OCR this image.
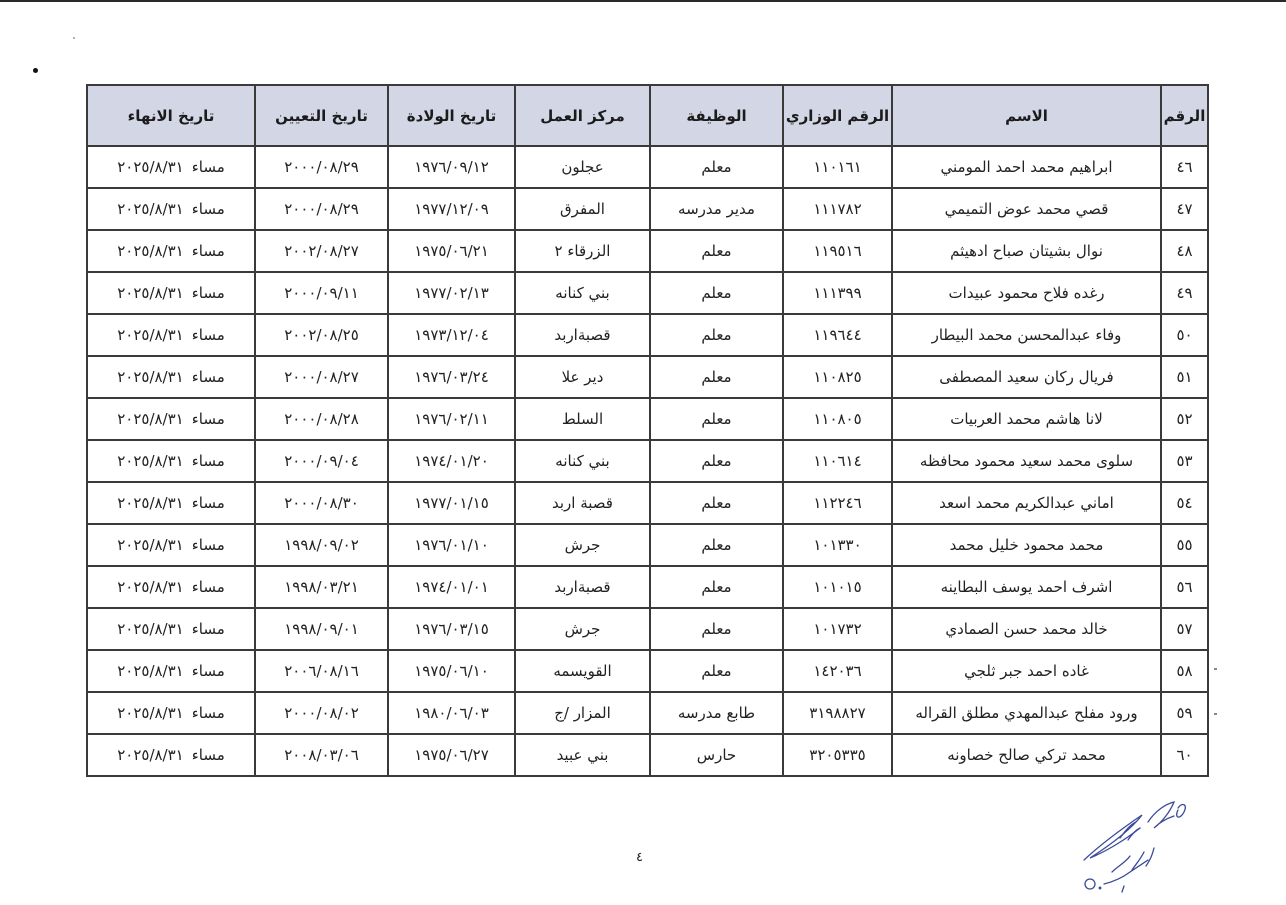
الرقم	الاسم	الرقم الوزاري	الوظيفة	مركز العمل	تاريخ الولادة	تاريخ التعيين	تاريخ الانهاء
٤٦	ابراهيم محمد احمد المومني	١١٠١٦١	معلم	عجلون	١٩٧٦/٠٩/١٢	٢٠٠٠/٠٨/٢٩	مساء٢٠٢٥/٨/٣١
٤٧	قصي محمد عوض التميمي	١١١٧٨٢	مدير مدرسه	المفرق	١٩٧٧/١٢/٠٩	٢٠٠٠/٠٨/٢٩	مساء٢٠٢٥/٨/٣١
٤٨	نوال بشيتان صباح ادهيثم	١١٩٥١٦	معلم	الزرقاء ٢	١٩٧٥/٠٦/٢١	٢٠٠٢/٠٨/٢٧	مساء٢٠٢٥/٨/٣١
٤٩	رغده فلاح محمود عبيدات	١١١٣٩٩	معلم	بني كنانه	١٩٧٧/٠٢/١٣	٢٠٠٠/٠٩/١١	مساء٢٠٢٥/٨/٣١
٥٠	وفاء عبدالمحسن محمد البيطار	١١٩٦٤٤	معلم	قصبةاربد	١٩٧٣/١٢/٠٤	٢٠٠٢/٠٨/٢٥	مساء٢٠٢٥/٨/٣١
٥١	فريال ركان سعيد المصطفى	١١٠٨٢٥	معلم	دير علا	١٩٧٦/٠٣/٢٤	٢٠٠٠/٠٨/٢٧	مساء٢٠٢٥/٨/٣١
٥٢	لانا هاشم محمد العربيات	١١٠٨٠٥	معلم	السلط	١٩٧٦/٠٢/١١	٢٠٠٠/٠٨/٢٨	مساء٢٠٢٥/٨/٣١
٥٣	سلوى محمد سعيد محمود محافظه	١١٠٦١٤	معلم	بني كنانه	١٩٧٤/٠١/٢٠	٢٠٠٠/٠٩/٠٤	مساء٢٠٢٥/٨/٣١
٥٤	اماني عبدالكريم محمد اسعد	١١٢٢٤٦	معلم	قصبة اربد	١٩٧٧/٠١/١٥	٢٠٠٠/٠٨/٣٠	مساء٢٠٢٥/٨/٣١
٥٥	محمد محمود خليل محمد	١٠١٣٣٠	معلم	جرش	١٩٧٦/٠١/١٠	١٩٩٨/٠٩/٠٢	مساء٢٠٢٥/٨/٣١
٥٦	اشرف احمد يوسف البطاينه	١٠١٠١٥	معلم	قصبةاربد	١٩٧٤/٠١/٠١	١٩٩٨/٠٣/٢١	مساء٢٠٢٥/٨/٣١
٥٧	خالد محمد حسن الصمادي	١٠١٧٣٢	معلم	جرش	١٩٧٦/٠٣/١٥	١٩٩٨/٠٩/٠١	مساء٢٠٢٥/٨/٣١
٥٨	غاده احمد جبر ثلجي	١٤٢٠٣٦	معلم	القويسمه	١٩٧٥/٠٦/١٠	٢٠٠٦/٠٨/١٦	مساء٢٠٢٥/٨/٣١
٥٩	ورود مفلح عبدالمهدي مطلق القراله	٣١٩٨٨٢٧	طابع مدرسه	المزار /ج	١٩٨٠/٠٦/٠٣	٢٠٠٠/٠٨/٠٢	مساء٢٠٢٥/٨/٣١
٦٠	محمد تركي صالح خصاونه	٣٢٠٥٣٣٥	حارس	بني عبيد	١٩٧٥/٠٦/٢٧	٢٠٠٨/٠٣/٠٦	مساء٢٠٢٥/٨/٣١
٤
